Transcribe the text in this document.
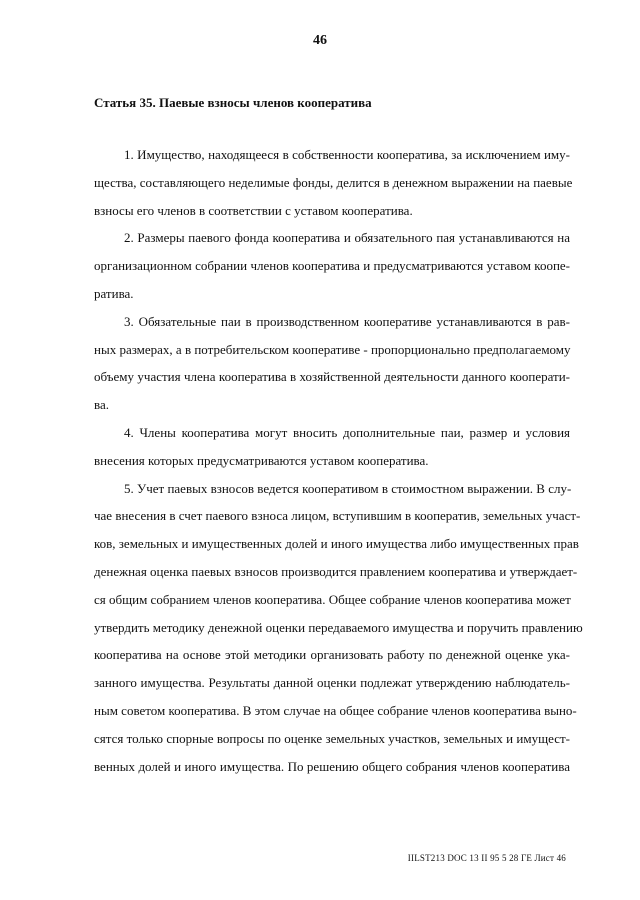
46
Статья 35. Паевые взносы членов кооператива
1. Имущество, находящееся в собственности кооператива, за исключением иму-
щества, составляющего неделимые фонды, делится в денежном выражении на паевые
взносы его членов в соответствии с уставом кооператива.
2. Размеры паевого фонда кооператива и обязательного пая устанавливаются на
организационном собрании членов кооператива и предусматриваются уставом коопе-
ратива.
3. Обязательные паи в производственном кооперативе устанавливаются в рав-
ных размерах, а в потребительском кооперативе - пропорционально предполагаемому
объему участия члена кооператива в хозяйственной деятельности данного кооперати-
ва.
4. Члены кооператива могут вносить дополнительные паи, размер и условия
внесения которых предусматриваются уставом кооператива.
5. Учет паевых взносов ведется кооперативом в стоимостном выражении. В слу-
чае внесения в счет паевого взноса лицом, вступившим в кооператив, земельных участ-
ков, земельных и имущественных долей и иного имущества либо имущественных прав
денежная оценка паевых взносов производится правлением кооператива и утверждает-
ся общим собранием членов кооператива. Общее собрание членов кооператива может
утвердить методику денежной оценки передаваемого имущества и поручить правлению
кооператива на основе этой методики организовать работу по денежной оценке ука-
занного имущества. Результаты данной оценки подлежат утверждению наблюдатель-
ным советом кооператива. В этом случае на общее собрание членов кооператива выно-
сятся только спорные вопросы по оценке земельных участков, земельных и имущест-
венных долей и иного имущества. По решению общего собрания членов кооператива
IILST213 DOC 13 II 95 5 28 ГЕ Лист 46
